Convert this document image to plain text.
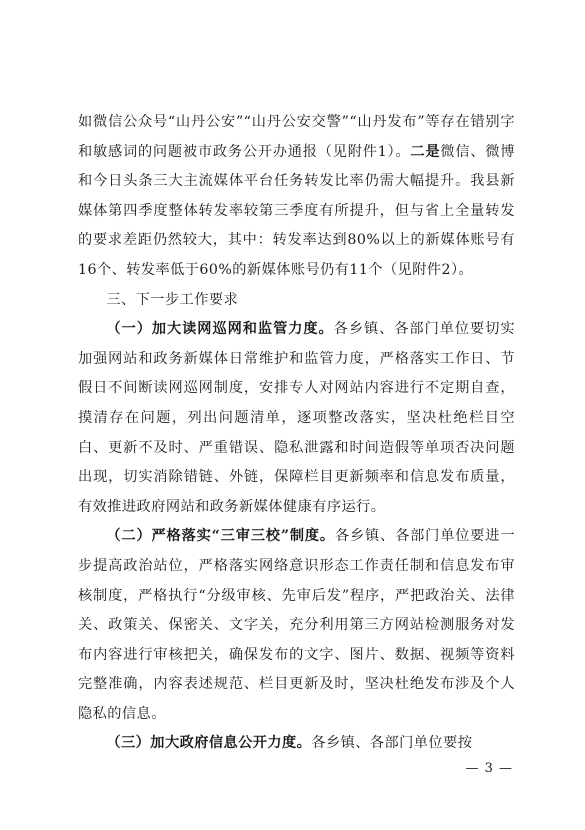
如微信公众号“山丹公安”“山丹公安交警”“山丹发布”等存在错别字和敏感词的问题被市政务公开办通报（见附件1）。二是微信、微博和今日头条三大主流媒体平台任务转发比率仍需大幅提升。我县新媒体第四季度整体转发率较第三季度有所提升，但与省上全量转发的要求差距仍然较大，其中：转发率达到80%以上的新媒体账号有16个、转发率低于60%的新媒体账号仍有11个（见附件2）。

三、下一步工作要求

（一）加大读网巡网和监管力度。各乡镇、各部门单位要切实加强网站和政务新媒体日常维护和监管力度，严格落实工作日、节假日不间断读网巡网制度，安排专人对网站内容进行不定期自查，摸清存在问题，列出问题清单，逐项整改落实，坚决杜绝栏目空白、更新不及时、严重错误、隐私泄露和时间造假等单项否决问题出现，切实消除错链、外链，保障栏目更新频率和信息发布质量，有效推进政府网站和政务新媒体健康有序运行。

（二）严格落实“三审三校”制度。各乡镇、各部门单位要进一步提高政治站位，严格落实网络意识形态工作责任制和信息发布审核制度，严格执行“分级审核、先审后发”程序，严把政治关、法律关、政策关、保密关、文字关，充分利用第三方网站检测服务对发布内容进行审核把关，确保发布的文字、图片、数据、视频等资料完整准确，内容表述规范、栏目更新及时，坚决杜绝发布涉及个人隐私的信息。

（三）加大政府信息公开力度。各乡镇、各部门单位要按

— 3 —
